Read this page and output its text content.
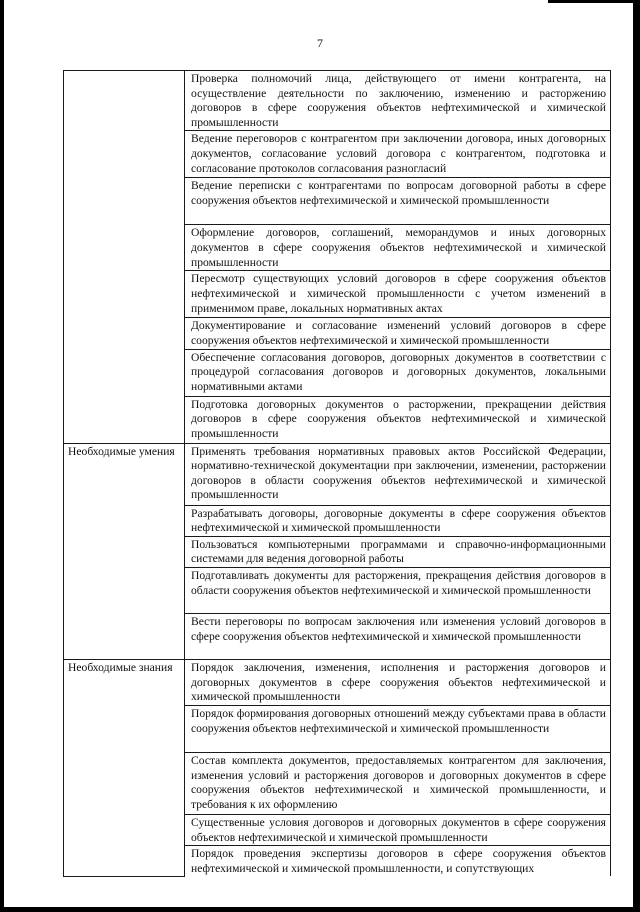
7
	Проверка полномочий лица, действующего от имени контрагента, на осуществление деятельности по заключению, изменению и расторжению договоров в сфере сооружения объектов нефтехимической и химической промышленности
	Ведение переговоров с контрагентом при заключении договора, иных договорных документов, согласование условий договора с контрагентом, подготовка и согласование протоколов согласования разногласий
	Ведение переписки с контрагентами по вопросам договорной работы в сфере сооружения объектов нефтехимической и химической промышленности
	Оформление договоров, соглашений, меморандумов и иных договорных документов в сфере сооружения объектов нефтехимической и химической промышленности
	Пересмотр существующих условий договоров в сфере сооружения объектов нефтехимической и химической промышленности с учетом изменений в применимом праве, локальных нормативных актах
	Документирование и согласование изменений условий договоров в сфере сооружения объектов нефтехимической и химической промышленности
	Обеспечение согласования договоров, договорных документов в соответствии с процедурой согласования договоров и договорных документов, локальными нормативными актами
	Подготовка договорных документов о расторжении, прекращении действия договоров в сфере сооружения объектов нефтехимической и химической промышленности
Необходимые умения	Применять требования нормативных правовых актов Российской Федерации, нормативно-технической документации при заключении, изменении, расторжении договоров в области сооружения объектов нефтехимической и химической промышленности
	Разрабатывать договоры, договорные документы в сфере сооружения объектов нефтехимической и химической промышленности
	Пользоваться компьютерными программами и справочно-информационными системами для ведения договорной работы
	Подготавливать документы для расторжения, прекращения действия договоров в области сооружения объектов нефтехимической и химической промышленности
	Вести переговоры по вопросам заключения или изменения условий договоров в сфере сооружения объектов нефтехимической и химической промышленности
Необходимые знания	Порядок заключения, изменения, исполнения и расторжения договоров и договорных документов в сфере сооружения объектов нефтехимической и химической промышленности
	Порядок формирования договорных отношений между субъектами права в области сооружения объектов нефтехимической и химической промышленности
	Состав комплекта документов, предоставляемых контрагентом для заключения, изменения условий и расторжения договоров и договорных документов в сфере сооружения объектов нефтехимической и химической промышленности, и требования к их оформлению
	Существенные условия договоров и договорных документов в сфере сооружения объектов нефтехимической и химической промышленности
	Порядок проведения экспертизы договоров в сфере сооружения объектов нефтехимической и химической промышленности, и сопутствующих
